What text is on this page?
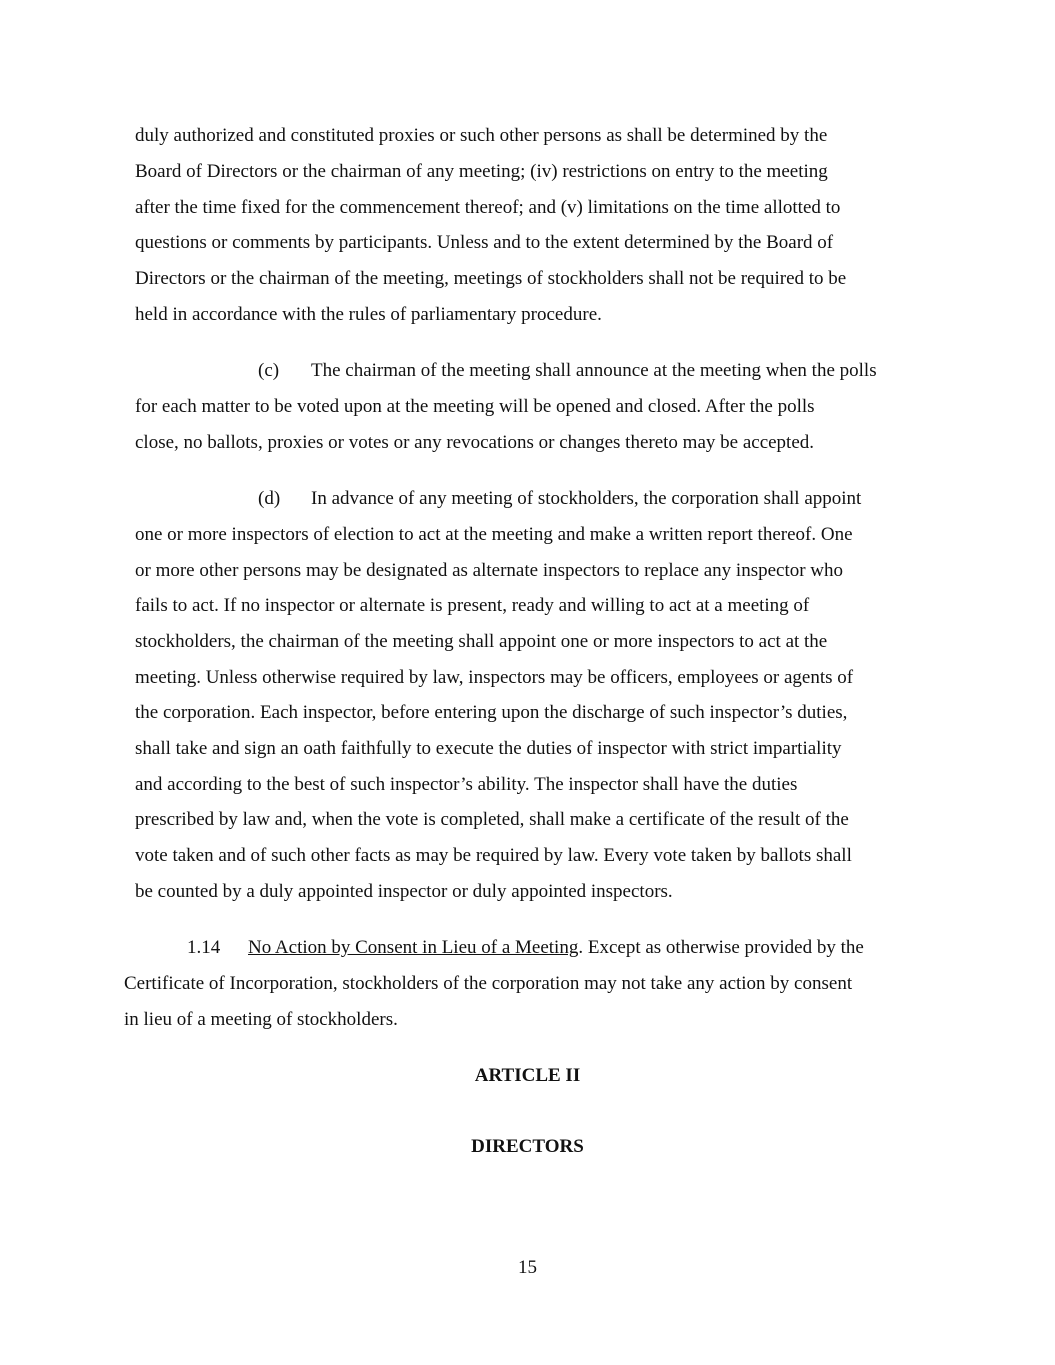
duly authorized and constituted proxies or such other persons as shall be determined by the
Board of Directors or the chairman of any meeting; (iv) restrictions on entry to the meeting
after the time fixed for the commencement thereof; and (v) limitations on the time allotted to
questions or comments by participants. Unless and to the extent determined by the Board of
Directors or the chairman of the meeting, meetings of stockholders shall not be required to be
held in accordance with the rules of parliamentary procedure.
(c) The chairman of the meeting shall announce at the meeting when the polls
for each matter to be voted upon at the meeting will be opened and closed. After the polls
close, no ballots, proxies or votes or any revocations or changes thereto may be accepted.
(d) In advance of any meeting of stockholders, the corporation shall appoint
one or more inspectors of election to act at the meeting and make a written report thereof. One
or more other persons may be designated as alternate inspectors to replace any inspector who
fails to act. If no inspector or alternate is present, ready and willing to act at a meeting of
stockholders, the chairman of the meeting shall appoint one or more inspectors to act at the
meeting. Unless otherwise required by law, inspectors may be officers, employees or agents of
the corporation. Each inspector, before entering upon the discharge of such inspector’s duties,
shall take and sign an oath faithfully to execute the duties of inspector with strict impartiality
and according to the best of such inspector’s ability. The inspector shall have the duties
prescribed by law and, when the vote is completed, shall make a certificate of the result of the
vote taken and of such other facts as may be required by law. Every vote taken by ballots shall
be counted by a duly appointed inspector or duly appointed inspectors.
1.14 No Action by Consent in Lieu of a Meeting. Except as otherwise provided by the
Certificate of Incorporation, stockholders of the corporation may not take any action by consent
in lieu of a meeting of stockholders.
ARTICLE II
DIRECTORS
15
